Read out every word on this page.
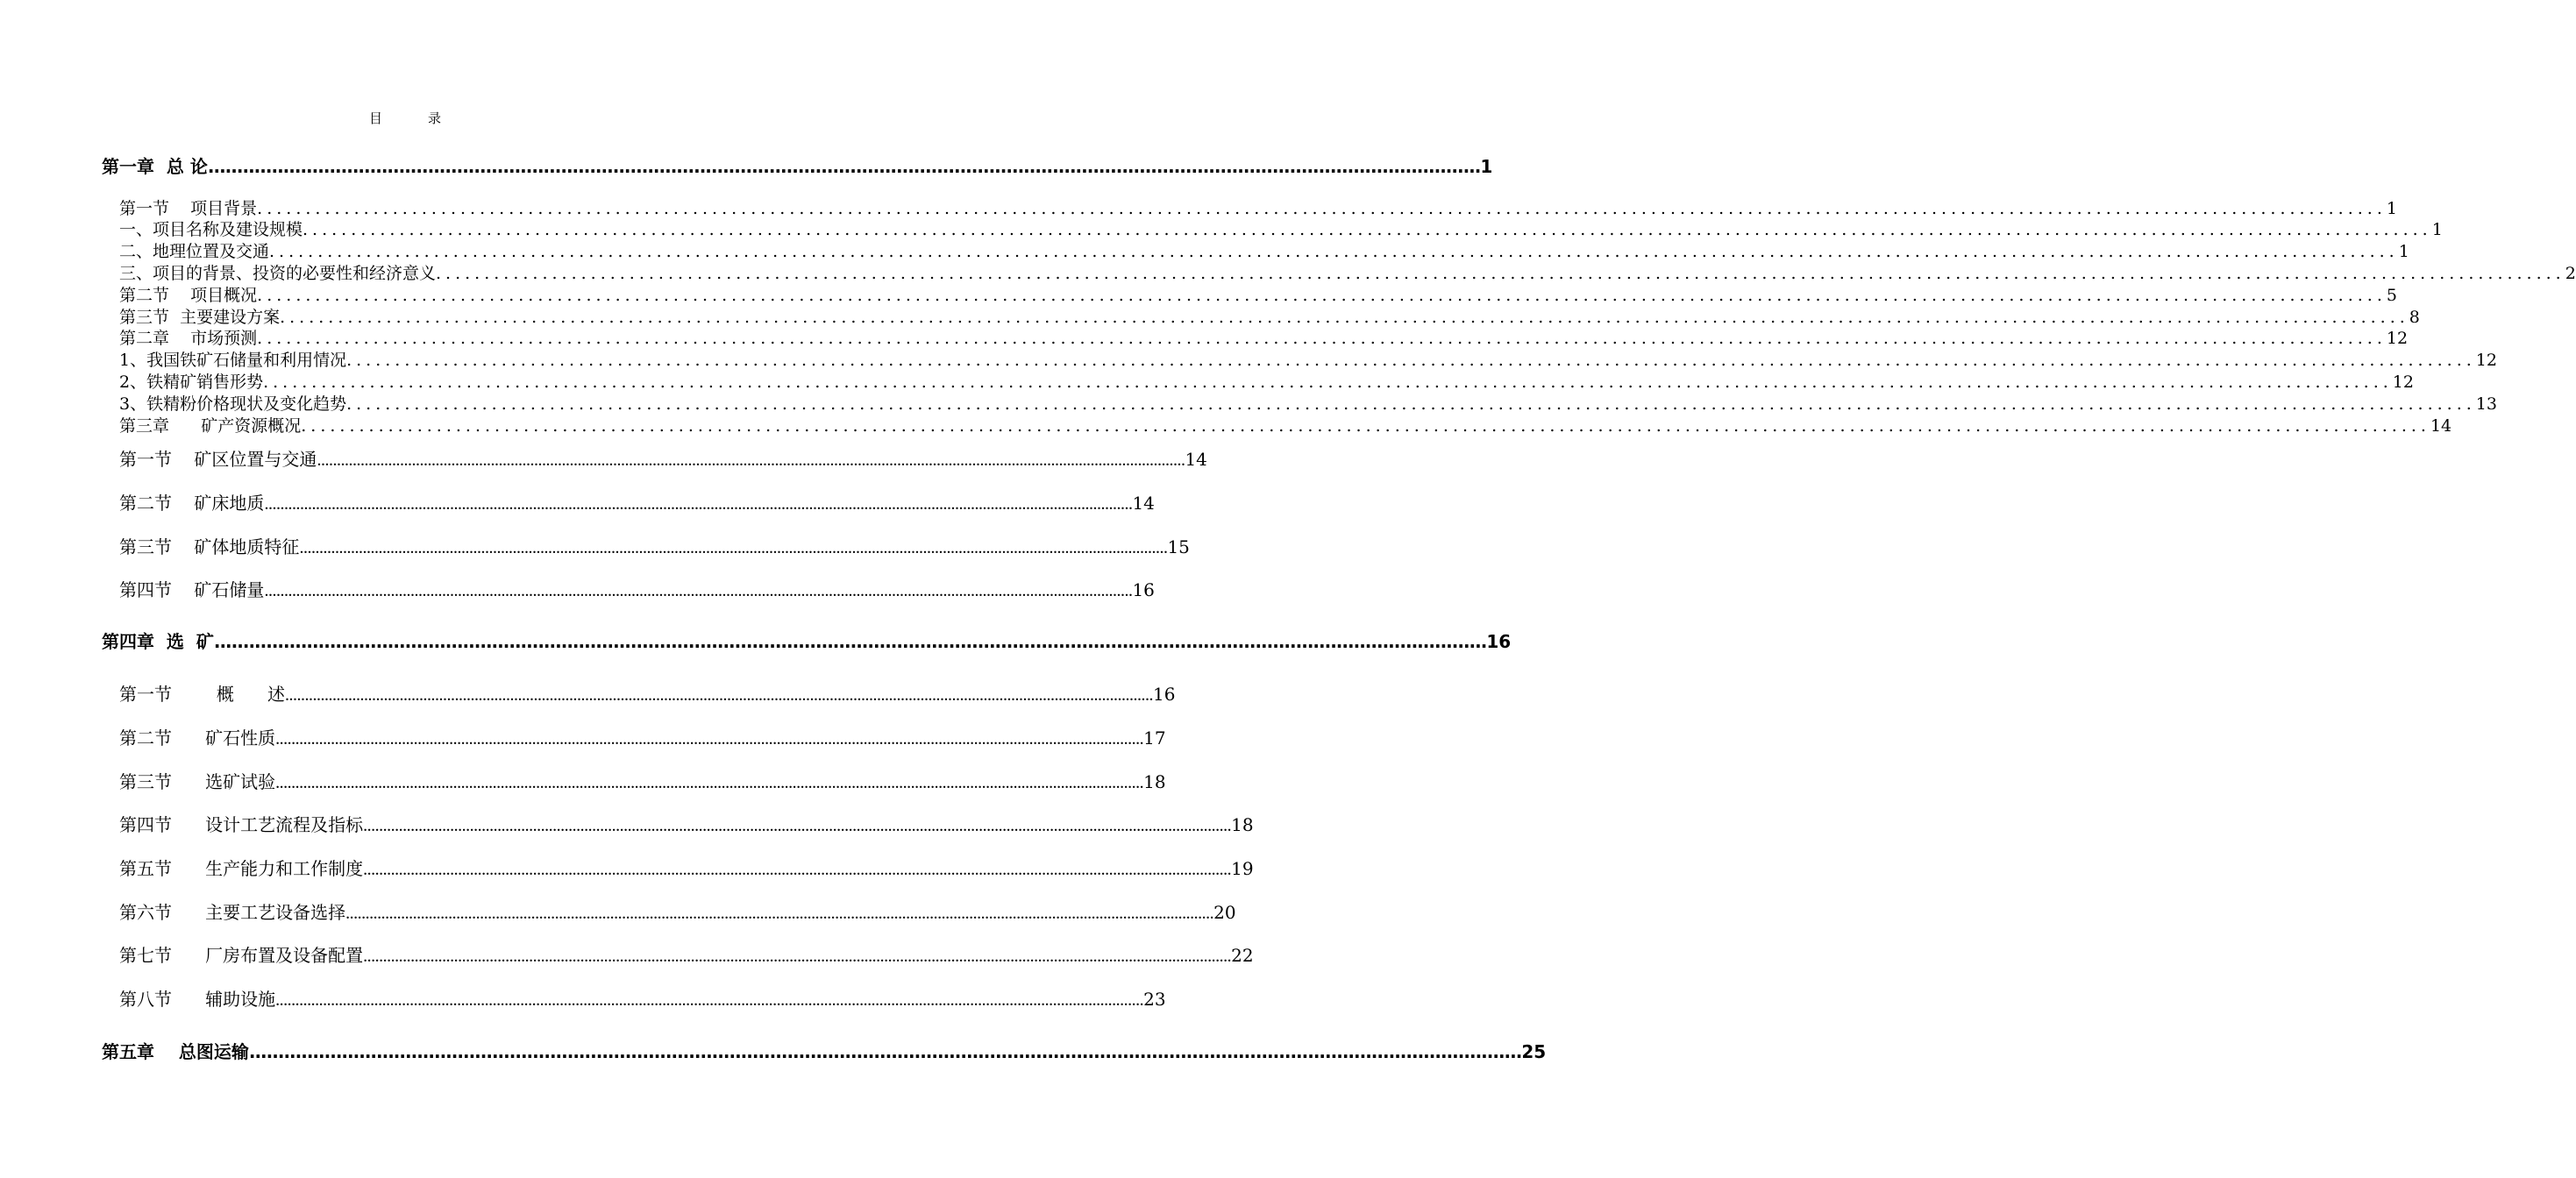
目	录
第一章  总 论 ............................................................................................................................................................................................................................ 1
第一节    项目背景 ............................................................................................................................................................................................................................ 1
一、项目名称及建设规模 ............................................................................................................................................................................................................................ 1
二、地理位置及交通 ............................................................................................................................................................................................................................ 1
三、项目的背景、投资的必要性和经济意义 ............................................................................................................................................................................................................................ 2
第二节    项目概况 ............................................................................................................................................................................................................................ 5
第三节  主要建设方案 ............................................................................................................................................................................................................................ 8
第二章    市场预测 ............................................................................................................................................................................................................................ 12
1、我国铁矿石储量和利用情况 ............................................................................................................................................................................................................................ 12
2、铁精矿销售形势 ............................................................................................................................................................................................................................ 12
3、铁精粉价格现状及变化趋势 ............................................................................................................................................................................................................................ 13
第三章      矿产资源概况 ............................................................................................................................................................................................................................ 14
第一节    矿区位置与交通 ............................................................................................................................................................................................................................ 14
第二节    矿床地质 ............................................................................................................................................................................................................................ 14
第三节    矿体地质特征 ............................................................................................................................................................................................................................ 15
第四节    矿石储量 ............................................................................................................................................................................................................................ 16
第四章  选  矿 ............................................................................................................................................................................................................................ 16
第一节        概      述 ............................................................................................................................................................................................................................ 16
第二节      矿石性质 ............................................................................................................................................................................................................................ 17
第三节      选矿试验 ............................................................................................................................................................................................................................ 18
第四节      设计工艺流程及指标 ............................................................................................................................................................................................................................ 18
第五节      生产能力和工作制度 ............................................................................................................................................................................................................................ 19
第六节      主要工艺设备选择 ............................................................................................................................................................................................................................ 20
第七节      厂房布置及设备配置 ............................................................................................................................................................................................................................ 22
第八节      辅助设施 ............................................................................................................................................................................................................................ 23
第五章    总图运输 ............................................................................................................................................................................................................................ 25
